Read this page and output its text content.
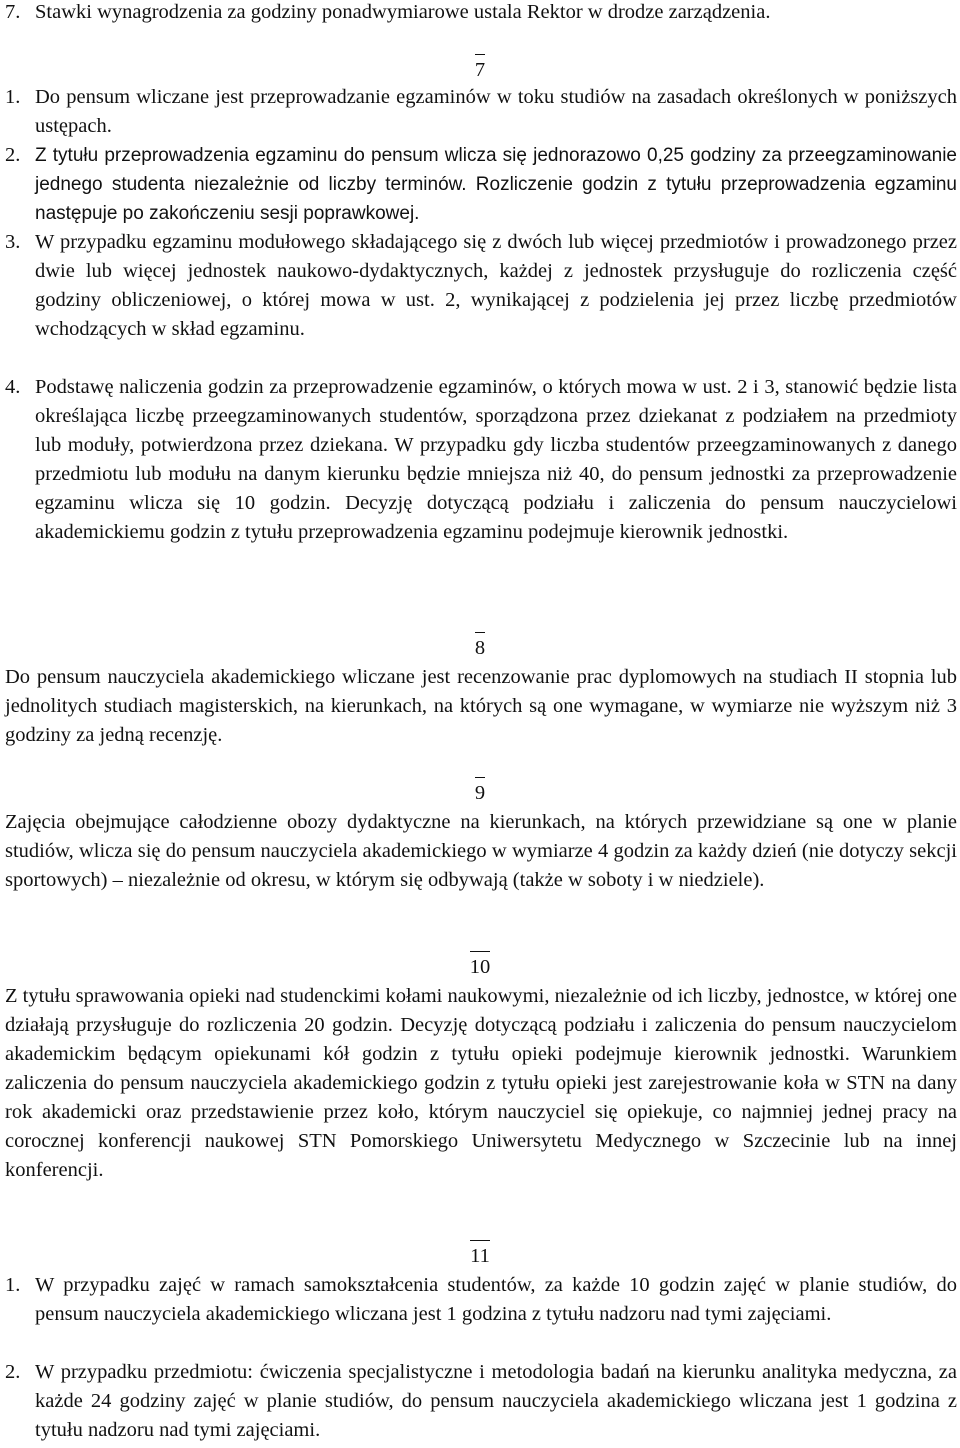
7. Stawki wynagrodzenia za godziny ponadwymiarowe ustala Rektor w drodze zarządzenia.
7
1. Do pensum wliczane jest przeprowadzanie egzaminów w toku studiów na zasadach określonych w poniższych ustępach.
2. Z tytułu przeprowadzenia egzaminu do pensum wlicza się jednorazowo 0,25 godziny za przeegzaminowanie jednego studenta niezależnie od liczby terminów. Rozliczenie godzin z tytułu przeprowadzenia egzaminu następuje po zakończeniu sesji poprawkowej.
3. W przypadku egzaminu modułowego składającego się z dwóch lub więcej przedmiotów i prowadzonego przez dwie lub więcej jednostek naukowo-dydaktycznych, każdej z jednostek przysługuje do rozliczenia część godziny obliczeniowej, o której mowa w ust. 2, wynikającej z podzielenia jej przez liczbę przedmiotów wchodzących w skład egzaminu.
4. Podstawę naliczenia godzin za przeprowadzenie egzaminów, o których mowa w ust. 2 i 3, stanowić będzie lista określająca liczbę przeegzaminowanych studentów, sporządzona przez dziekanat z podziałem na przedmioty lub moduły, potwierdzona przez dziekana. W przypadku gdy liczba studentów przeegzaminowanych z danego przedmiotu lub modułu na danym kierunku będzie mniejsza niż 40, do pensum jednostki za przeprowadzenie egzaminu wlicza się 10 godzin. Decyzję dotyczącą podziału i zaliczenia do pensum nauczycielowi akademickiemu godzin z tytułu przeprowadzenia egzaminu podejmuje kierownik jednostki.
8
Do pensum nauczyciela akademickiego wliczane jest recenzowanie prac dyplomowych na studiach II stopnia lub jednolitych studiach magisterskich, na kierunkach, na których są one wymagane, w wymiarze nie wyższym niż 3 godziny za jedną recenzję.
9
Zajęcia obejmujące całodzienne obozy dydaktyczne na kierunkach, na których przewidziane są one w planie studiów, wlicza się do pensum nauczyciela akademickiego w wymiarze 4 godzin za każdy dzień (nie dotyczy sekcji sportowych) – niezależnie od okresu, w którym się odbywają (także w soboty i w niedziele).
10
Z tytułu sprawowania opieki nad studenckimi kołami naukowymi, niezależnie od ich liczby, jednostce, w której one działają przysługuje do rozliczenia 20 godzin. Decyzję dotyczącą podziału i zaliczenia do pensum nauczycielom akademickim będącym opiekunami kół godzin z tytułu opieki podejmuje kierownik jednostki. Warunkiem zaliczenia do pensum nauczyciela akademickiego godzin z tytułu opieki jest zarejestrowanie koła w STN na dany rok akademicki oraz przedstawienie przez koło, którym nauczyciel się opiekuje, co najmniej jednej pracy na corocznej konferencji naukowej STN Pomorskiego Uniwersytetu Medycznego w Szczecinie lub na innej konferencji.
11
1. W przypadku zajęć w ramach samokształcenia studentów, za każde 10 godzin zajęć w planie studiów, do pensum nauczyciela akademickiego wliczana jest 1 godzina z tytułu nadzoru nad tymi zajęciami.
2. W przypadku przedmiotu: ćwiczenia specjalistyczne i metodologia badań na kierunku analityka medyczna, za każde 24 godziny zajęć w planie studiów, do pensum nauczyciela akademickiego wliczana jest 1 godzina z tytułu nadzoru nad tymi zajęciami.
